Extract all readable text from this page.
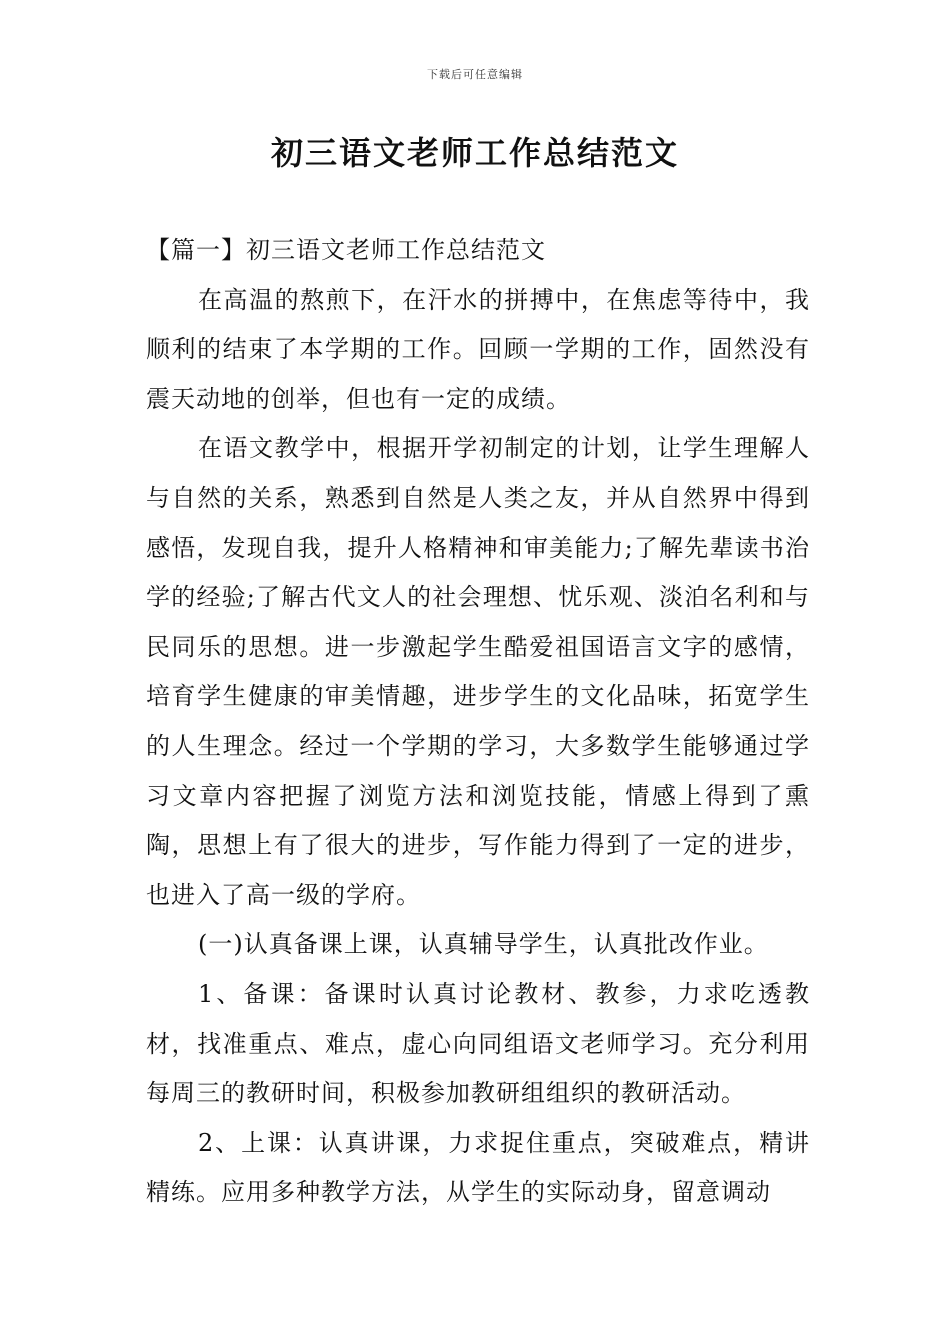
下载后可任意编辑
初三语文老师工作总结范文

【篇一】初三语文老师工作总结范文

在高温的熬煎下，在汗水的拼搏中，在焦虑等待中，我顺利的结束了本学期的工作。回顾一学期的工作，固然没有震天动地的创举，但也有一定的成绩。

在语文教学中，根据开学初制定的计划，让学生理解人与自然的关系，熟悉到自然是人类之友，并从自然界中得到感悟，发现自我，提升人格精神和审美能力;了解先辈读书治学的经验;了解古代文人的社会理想、忧乐观、淡泊名利和与民同乐的思想。进一步激起学生酷爱祖国语言文字的感情，培育学生健康的审美情趣，进步学生的文化品味，拓宽学生的人生理念。经过一个学期的学习，大多数学生能够通过学习文章内容把握了浏览方法和浏览技能，情感上得到了熏陶，思想上有了很大的进步，写作能力得到了一定的进步，也进入了高一级的学府。

(一)认真备课上课，认真辅导学生，认真批改作业。

1、备课：备课时认真讨论教材、教参，力求吃透教材，找准重点、难点，虚心向同组语文老师学习。充分利用每周三的教研时间，积极参加教研组组织的教研活动。

2、上课：认真讲课，力求捉住重点，突破难点，精讲精练。应用多种教学方法，从学生的实际动身，留意调动
